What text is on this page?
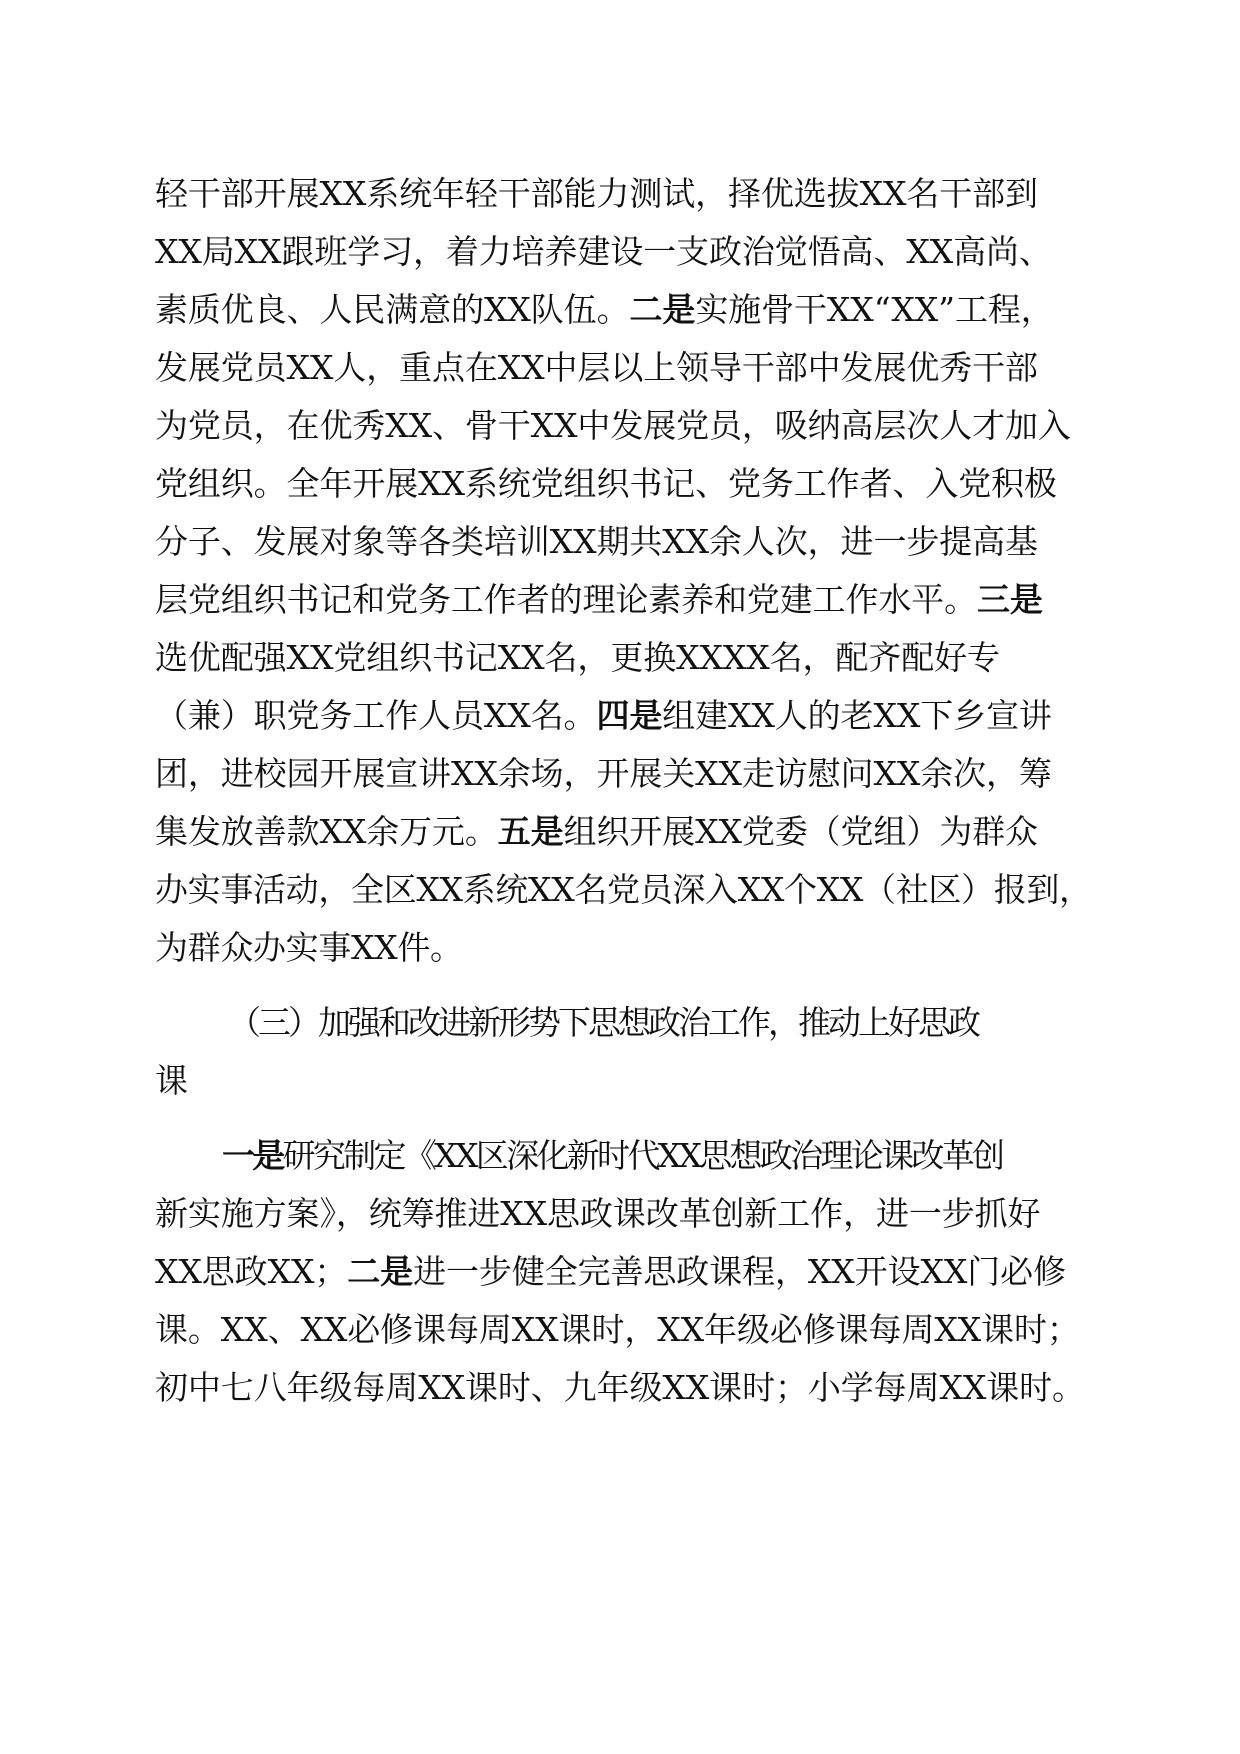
轻干部开展XX系统年轻干部能力测试，择优选拔XX名干部到
XX局XX跟班学习，着力培养建设一支政治觉悟高、XX高尚、
素质优良、人民满意的XX队伍。二是实施骨干XX“XX”工程，
发展党员XX人，重点在XX中层以上领导干部中发展优秀干部
为党员，在优秀XX、骨干XX中发展党员，吸纳高层次人才加入
党组织。全年开展XX系统党组织书记、党务工作者、入党积极
分子、发展对象等各类培训XX期共XX余人次，进一步提高基
层党组织书记和党务工作者的理论素养和党建工作水平。三是
选优配强XX党组织书记XX名，更换XXXX名，配齐配好专
（兼）职党务工作人员XX名。四是组建XX人的老XX下乡宣讲
团，进校园开展宣讲XX余场，开展关XX走访慰问XX余次，筹
集发放善款XX余万元。五是组织开展XX党委（党组）为群众
办实事活动，全区XX系统XX名党员深入XX个XX（社区）报到，
为群众办实事XX件。
（三）加强和改进新形势下思想政治工作，推动上好思政
课
一是研究制定《XX区深化新时代XX思想政治理论课改革创
新实施方案》，统筹推进XX思政课改革创新工作，进一步抓好
XX思政XX；二是进一步健全完善思政课程，XX开设XX门必修
课。XX、XX必修课每周XX课时，XX年级必修课每周XX课时；
初中七八年级每周XX课时、九年级XX课时；小学每周XX课时。
